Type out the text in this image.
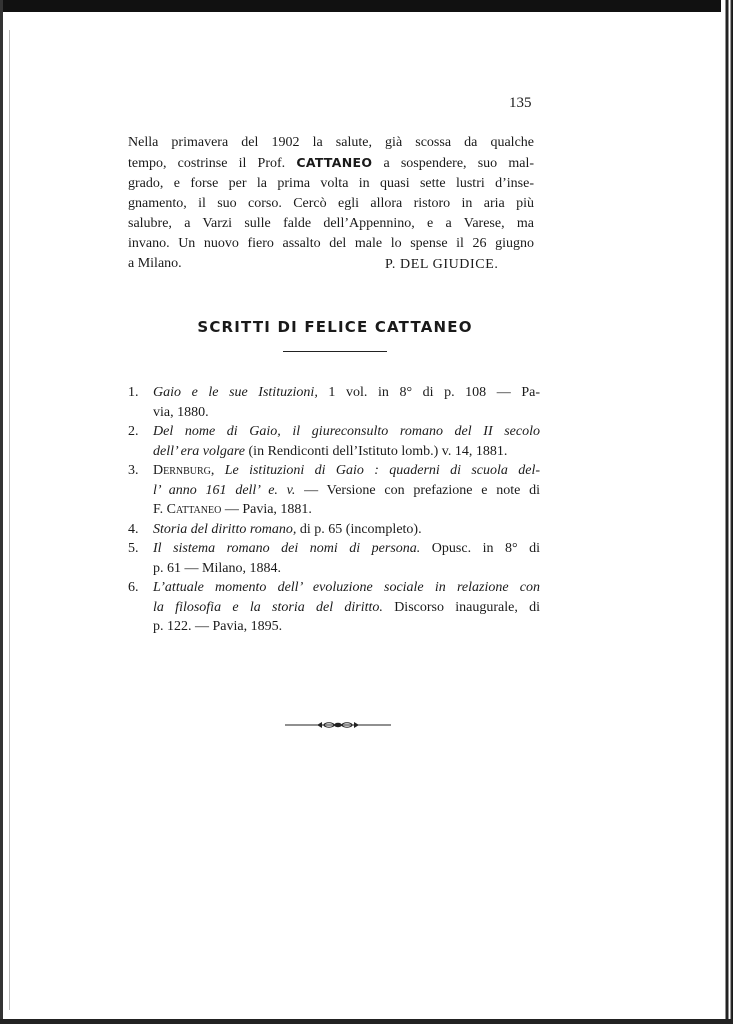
135
Nella primavera del 1902 la salute, già scossa da qualche
tempo, costrinse il Prof. CATTANEO a sospendere, suo mal-
grado, e forse per la prima volta in quasi sette lustri d’inse-
gnamento, il suo corso. Cercò egli allora ristoro in aria più
salubre, a Varzi sulle falde dell’Appennino, e a Varese, ma
invano. Un nuovo fiero assalto del male lo spense il 26 giugno
a Milano.	P. DEL GIUDICE.
SCRITTI DI FELICE CATTANEO
1. Gaio e le sue Istituzioni, 1 vol. in 8° di p. 108 — Pa-
via, 1880.
2. Del nome di Gaio, il giureconsulto romano del II secolo
dell’ era volgare (in Rendiconti dell’Istituto lomb.) v. 14, 1881.
3. Dernburg, Le istituzioni di Gaio : quaderni di scuola del-
l’ anno 161 dell’ e. v. — Versione con prefazione e note di
F. Cattaneo — Pavia, 1881.
4. Storia del diritto romano, di p. 65 (incompleto).
5. Il sistema romano dei nomi di persona. Opusc. in 8° di
p. 61 — Milano, 1884.
6. L’attuale momento dell’ evoluzione sociale in relazione con
la filosofia e la storia del diritto. Discorso inaugurale, di
p. 122. — Pavia, 1895.
